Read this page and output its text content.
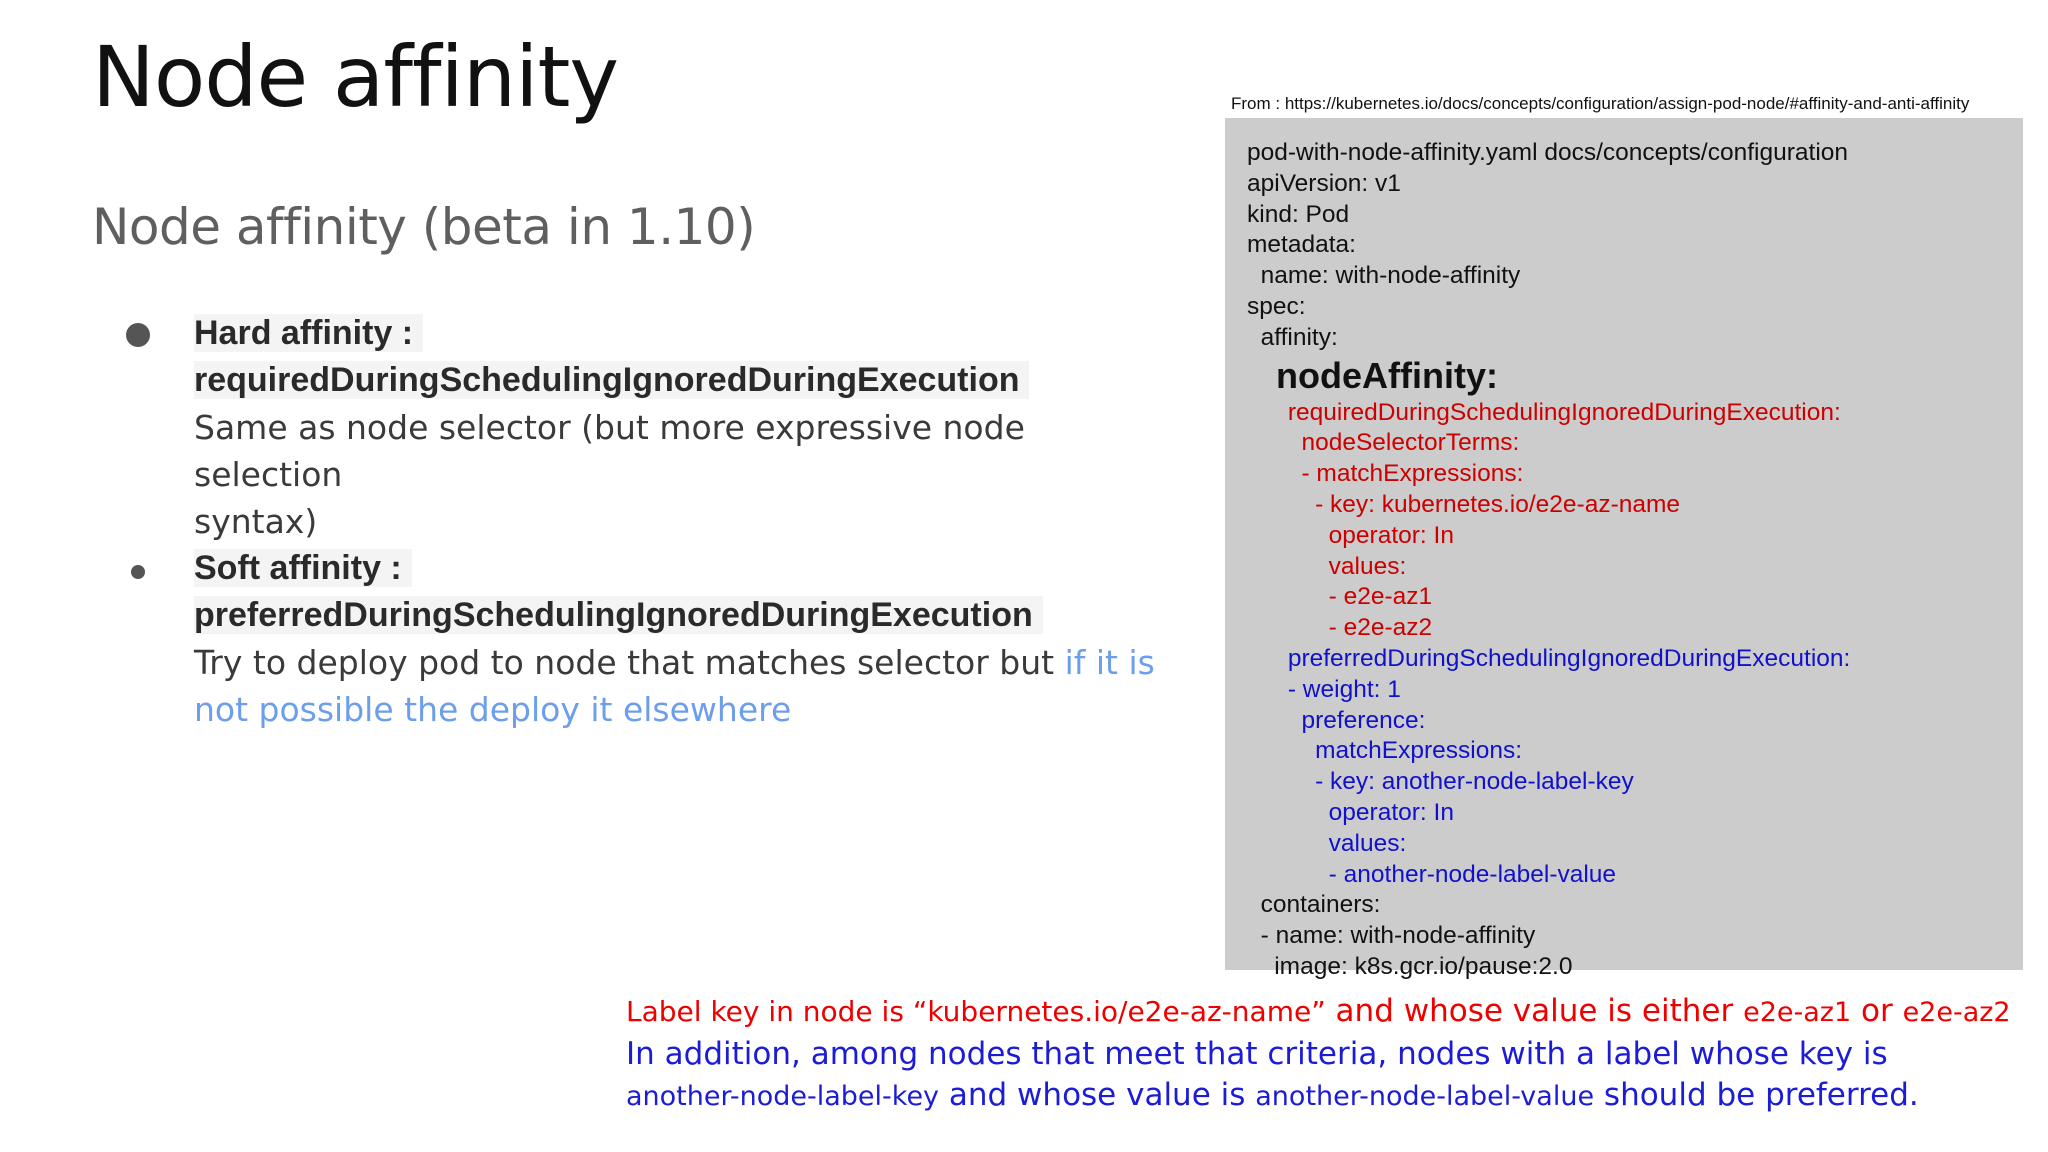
Node affinity
Node affinity (beta in 1.10)
Hard affinity :
requiredDuringSchedulingIgnoredDuringExecution
Same as node selector (but more expressive node selection
syntax)
Soft affinity :
preferredDuringSchedulingIgnoredDuringExecution
Try to deploy pod to node that matches selector but if it is
not possible the deploy it elsewhere
From : https://kubernetes.io/docs/concepts/configuration/assign-pod-node/#affinity-and-anti-affinity
pod-with-node-affinity.yaml docs/concepts/configuration
apiVersion: v1
kind: Pod
metadata:
name: with-node-affinity
spec:
affinity:
nodeAffinity:
requiredDuringSchedulingIgnoredDuringExecution:
nodeSelectorTerms:
- matchExpressions:
- key: kubernetes.io/e2e-az-name
operator: In
values:
- e2e-az1
- e2e-az2
preferredDuringSchedulingIgnoredDuringExecution:
- weight: 1
preference:
matchExpressions:
- key: another-node-label-key
operator: In
values:
- another-node-label-value
containers:
- name: with-node-affinity
image: k8s.gcr.io/pause:2.0
Label key in node is “kubernetes.io/e2e-az-name” and whose value is either e2e-az1 or e2e-az2
In addition, among nodes that meet that criteria, nodes with a label whose key is
another-node-label-key and whose value is another-node-label-value should be preferred.
